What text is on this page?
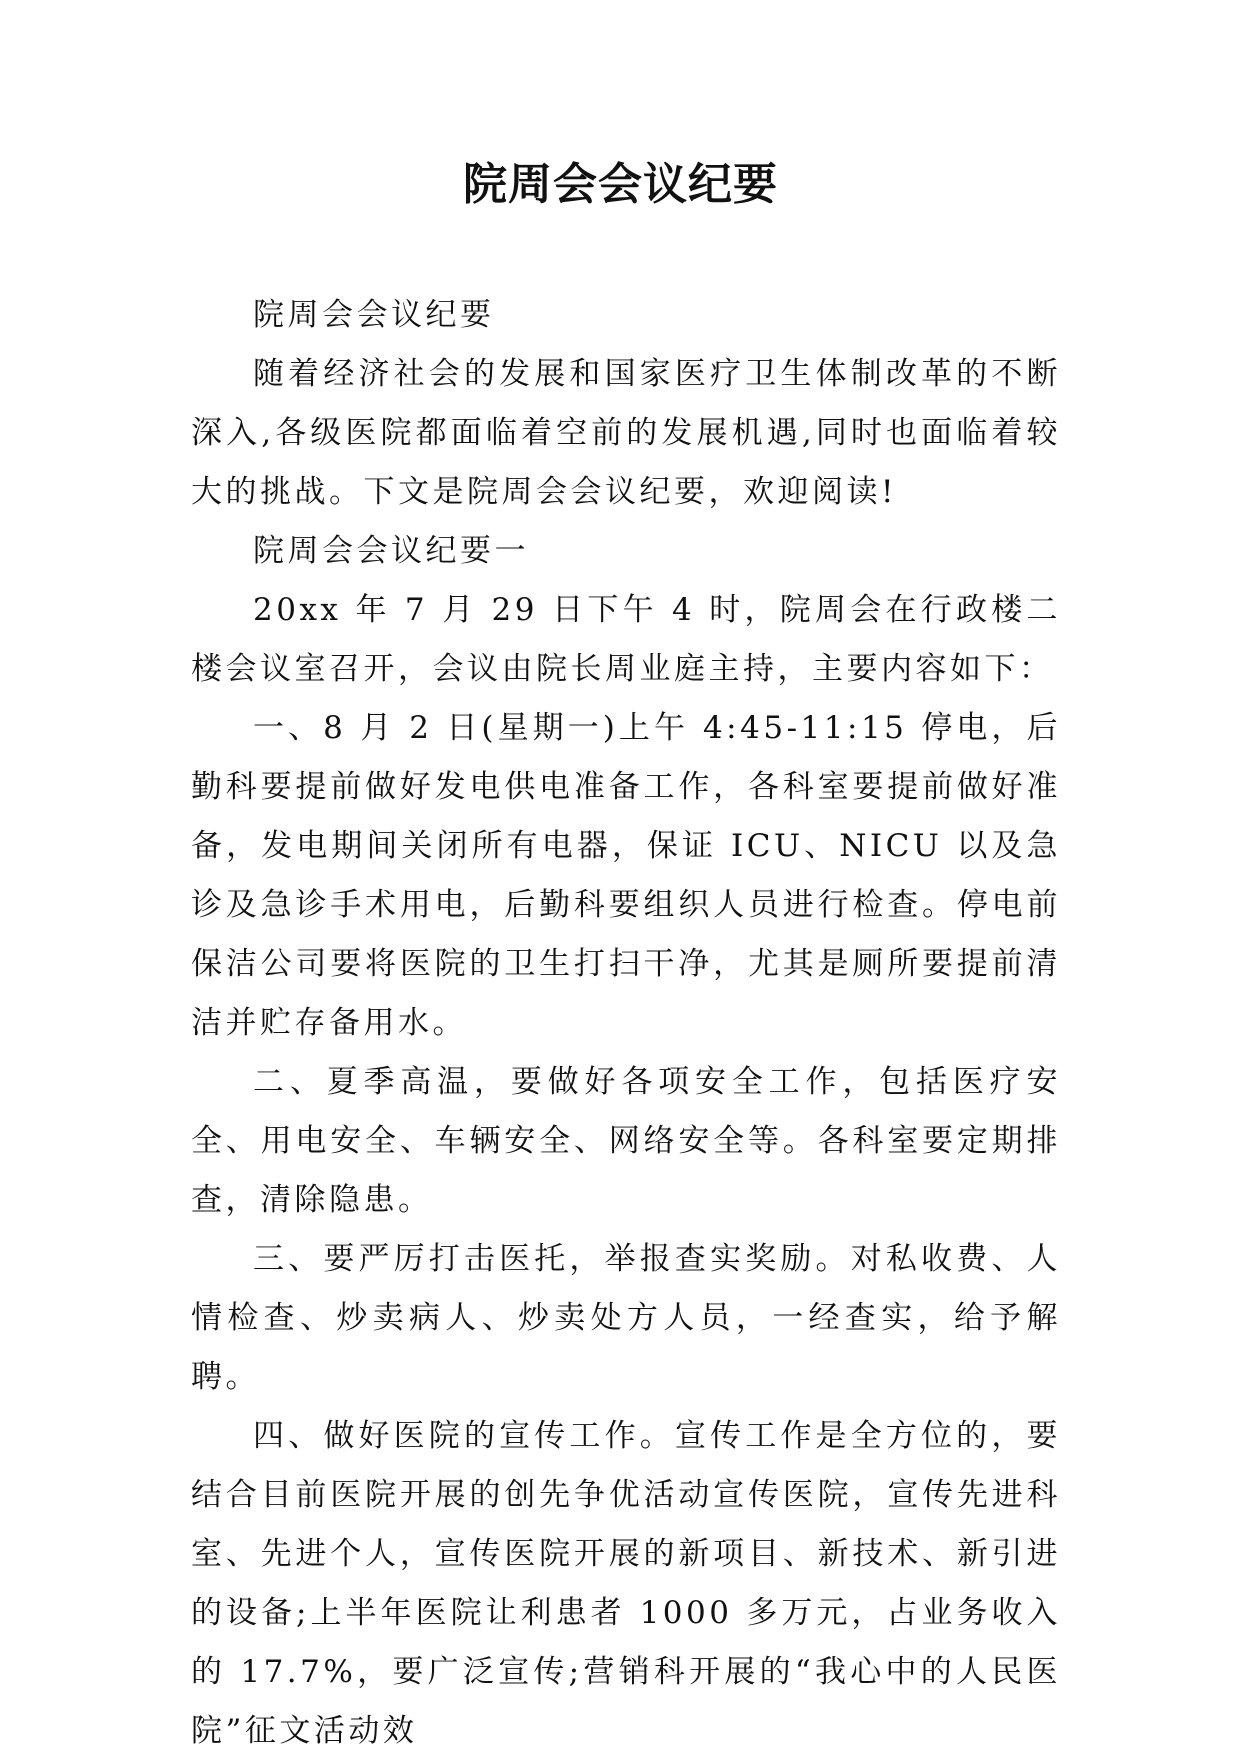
院周会会议纪要

院周会会议纪要

随着经济社会的发展和国家医疗卫生体制改革的不断深入,各级医院都面临着空前的发展机遇,同时也面临着较大的挑战。下文是院周会会议纪要，欢迎阅读!

院周会会议纪要一

20xx 年 7 月 29 日下午 4 时，院周会在行政楼二楼会议室召开，会议由院长周业庭主持，主要内容如下：

一、8 月 2 日(星期一)上午 4:45-11:15 停电，后勤科要提前做好发电供电准备工作，各科室要提前做好准备，发电期间关闭所有电器，保证 ICU、NICU 以及急诊及急诊手术用电，后勤科要组织人员进行检查。停电前保洁公司要将医院的卫生打扫干净，尤其是厕所要提前清洁并贮存备用水。

二、夏季高温，要做好各项安全工作，包括医疗安全、用电安全、车辆安全、网络安全等。各科室要定期排查，清除隐患。

三、要严厉打击医托，举报查实奖励。对私收费、人情检查、炒卖病人、炒卖处方人员，一经查实，给予解聘。

四、做好医院的宣传工作。宣传工作是全方位的，要结合目前医院开展的创先争优活动宣传医院，宣传先进科室、先进个人，宣传医院开展的新项目、新技术、新引进的设备;上半年医院让利患者 1000 多万元，占业务收入的 17.7%，要广泛宣传;营销科开展的“我心中的人民医院”征文活动效
